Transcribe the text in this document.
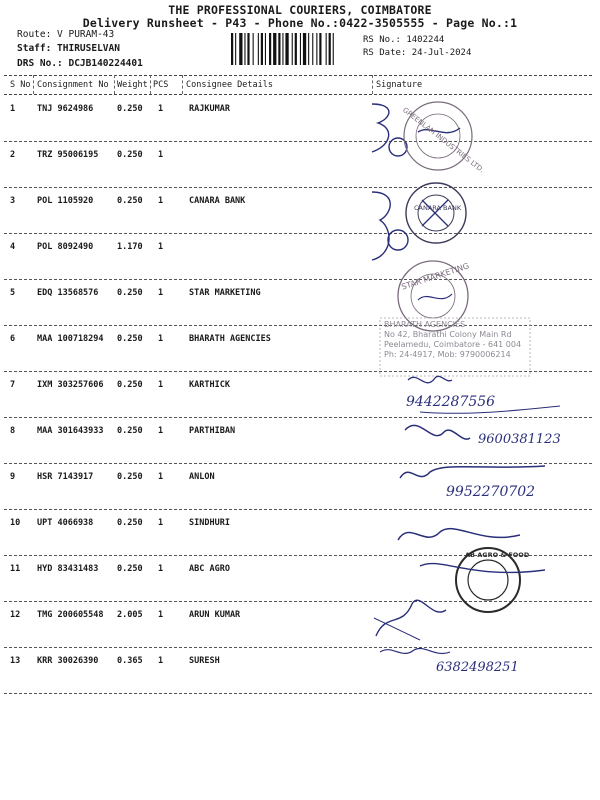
THE PROFESSIONAL COURIERS, COIMBATORE
Delivery Runsheet - P43 - Phone No.:0422-3505555 - Page No.:1
Route: V PURAM-43
Staff: THIRUSELVAN
DRS No.: DCJB140224401
RS No.: 1402244
RS Date: 24-Jul-2024
S No Consignment No Weight PCS Consignee Details	Signature
1	TNJ 9624986	0.250 1	RAJKUMAR
2	TRZ 95006195 0.250 1
3	POL 1105920	0.250 1	CANARA BANK
4	POL 8092490	1.170 1
5	EDQ 13568576 0.250 1	STAR MARKETING
6	MAA 100718294 0.250 1	BHARATH AGENCIES
7	IXM 303257606 0.250 1	KARTHICK
8	MAA 301643933 0.250 1	PARTHIBAN
9	HSR 7143917	0.250 1	ANLON
10 UPT 4066938	0.250 1	SINDHURI
11 HYD 83431483 0.250 1	ABC AGRO
12 TMG 200605548 2.005 1	ARUN KUMAR
13 KRR 30026390 0.365 1	SURESH
9442287556
9600381123
9952270702
6382498251
BHARATH AGENCIES
No 42, Bharathi Colony Main Rd
Peelamedu, Coimbatore - 641 004
Ph: 24-4917, Mob: 9790006214
GREENLAM INDUSTRIES LTD.
CANARA BANK
STAR MARKETING
AB AGRO & FOOD
